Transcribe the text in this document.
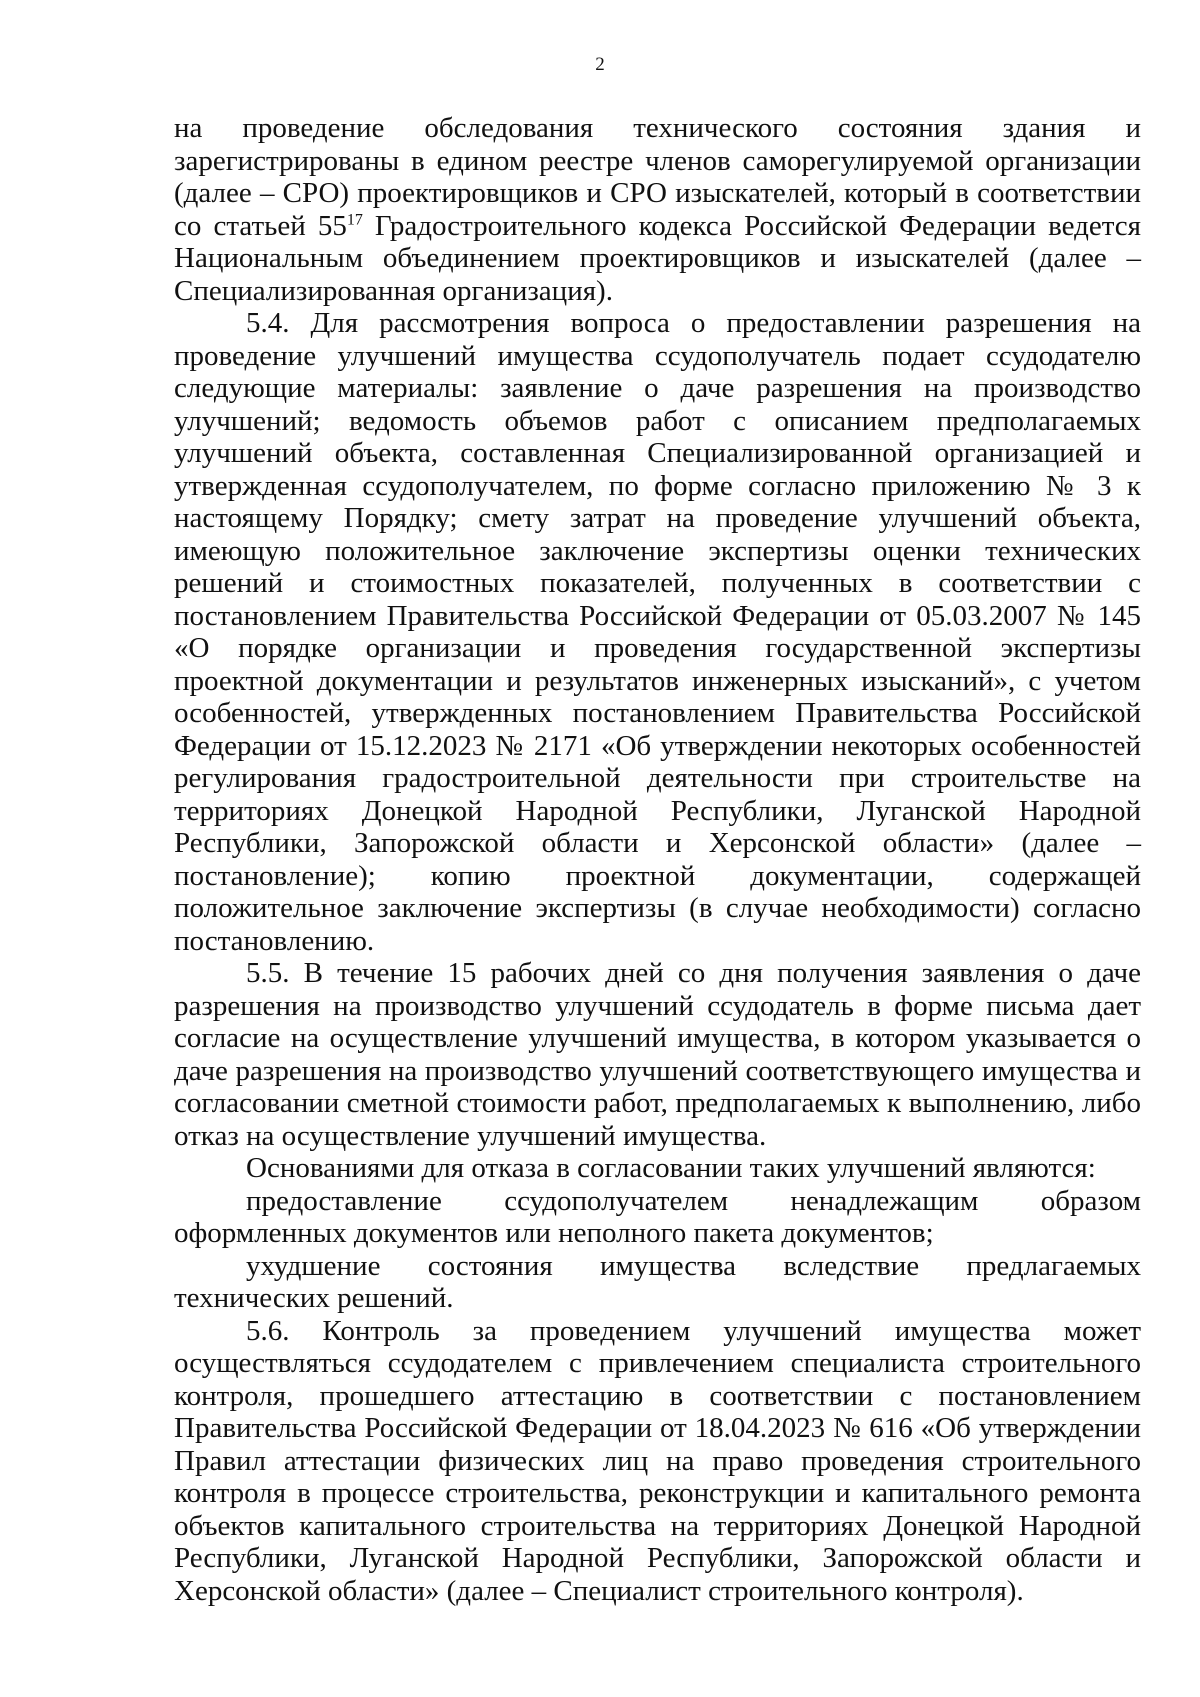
2

на проведение обследования технического состояния здания и зарегистрированы в едином реестре членов саморегулируемой организации (далее – СРО) проектировщиков и СРО изыскателей, который в соответствии со статьей $55^{17}$ Градостроительного кодекса Российской Федерации ведется Национальным объединением проектировщиков и изыскателей (далее – Специализированная организация).

5.4. Для рассмотрения вопроса о предоставлении разрешения на проведение улучшений имущества ссудополучатель подает ссудодателю следующие материалы: заявление о даче разрешения на производство улучшений; ведомость объемов работ с описанием предполагаемых улучшений объекта, составленная Специализированной организацией и утвержденная ссудополучателем, по форме согласно приложению № 3 к настоящему Порядку; смету затрат на проведение улучшений объекта, имеющую положительное заключение экспертизы оценки технических решений и стоимостных показателей, полученных в соответствии с постановлением Правительства Российской Федерации от 05.03.2007 № 145 «О порядке организации и проведения государственной экспертизы проектной документации и результатов инженерных изысканий», с учетом особенностей, утвержденных постановлением Правительства Российской Федерации от 15.12.2023 № 2171 «Об утверждении некоторых особенностей регулирования градостроительной деятельности при строительстве на территориях Донецкой Народной Республики, Луганской Народной Республики, Запорожской области и Херсонской области» (далее – постановление); копию проектной документации, содержащей положительное заключение экспертизы (в случае необходимости) согласно постановлению.

5.5. В течение 15 рабочих дней со дня получения заявления о даче разрешения на производство улучшений ссудодатель в форме письма дает согласие на осуществление улучшений имущества, в котором указывается о даче разрешения на производство улучшений соответствующего имущества и согласовании сметной стоимости работ, предполагаемых к выполнению, либо отказ на осуществление улучшений имущества.

Основаниями для отказа в согласовании таких улучшений являются:

предоставление ссудополучателем ненадлежащим образом оформленных документов или неполного пакета документов;

ухудшение состояния имущества вследствие предлагаемых технических решений.

5.6. Контроль за проведением улучшений имущества может осуществляться ссудодателем с привлечением специалиста строительного контроля, прошедшего аттестацию в соответствии с постановлением Правительства Российской Федерации от 18.04.2023 № 616 «Об утверждении Правил аттестации физических лиц на право проведения строительного контроля в процессе строительства, реконструкции и капитального ремонта объектов капитального строительства на территориях Донецкой Народной Республики, Луганской Народной Республики, Запорожской области и Херсонской области» (далее – Специалист строительного контроля).
